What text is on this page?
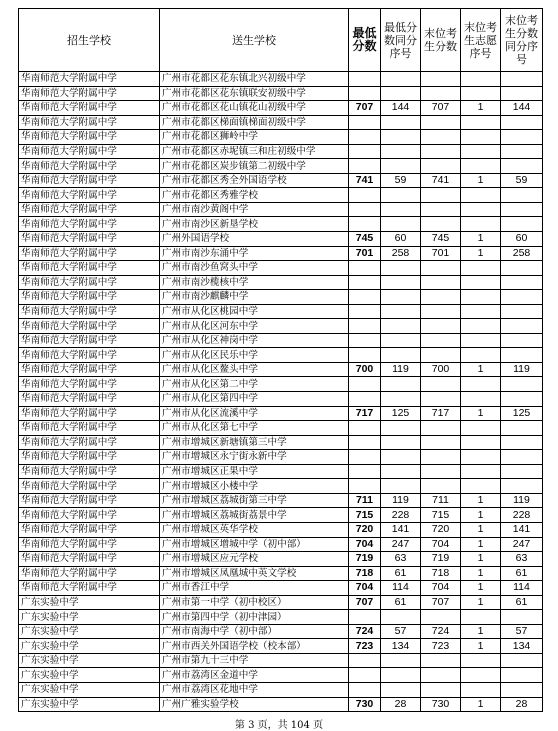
招生学校	送生学校	最低分数	最低分数同分序号	末位考生分数	末位考生志愿序号	末位考生分数同分序号
华南师范大学附属中学	广州市花都区花东镇北兴初级中学					
华南师范大学附属中学	广州市花都区花东镇联安初级中学					
华南师范大学附属中学	广州市花都区花山镇花山初级中学	707	144	707	1	144
华南师范大学附属中学	广州市花都区梯面镇梯面初级中学					
华南师范大学附属中学	广州市花都区狮岭中学					
华南师范大学附属中学	广州市花都区赤坭镇三和庄初级中学					
华南师范大学附属中学	广州市花都区炭步镇第二初级中学					
华南师范大学附属中学	广州市花都区秀全外国语学校	741	59	741	1	59
华南师范大学附属中学	广州市花都区秀雅学校					
华南师范大学附属中学	广州市南沙黄阁中学					
华南师范大学附属中学	广州市南沙区新垦学校					
华南师范大学附属中学	广州外国语学校	745	60	745	1	60
华南师范大学附属中学	广州市南沙东涌中学	701	258	701	1	258
华南师范大学附属中学	广州市南沙鱼窝头中学					
华南师范大学附属中学	广州市南沙榄核中学					
华南师范大学附属中学	广州市南沙麒麟中学					
华南师范大学附属中学	广州市从化区桃园中学					
华南师范大学附属中学	广州市从化区河东中学					
华南师范大学附属中学	广州市从化区神岗中学					
华南师范大学附属中学	广州市从化区民乐中学					
华南师范大学附属中学	广州市从化区鳌头中学	700	119	700	1	119
华南师范大学附属中学	广州市从化区第二中学					
华南师范大学附属中学	广州市从化区第四中学					
华南师范大学附属中学	广州市从化区流溪中学	717	125	717	1	125
华南师范大学附属中学	广州市从化区第七中学					
华南师范大学附属中学	广州市增城区新塘镇第三中学					
华南师范大学附属中学	广州市增城区永宁街永新中学					
华南师范大学附属中学	广州市增城区正果中学					
华南师范大学附属中学	广州市增城区小楼中学					
华南师范大学附属中学	广州市增城区荔城街第三中学	711	119	711	1	119
华南师范大学附属中学	广州市增城区荔城街荔景中学	715	228	715	1	228
华南师范大学附属中学	广州市增城区英华学校	720	141	720	1	141
华南师范大学附属中学	广州市增城区增城中学（初中部）	704	247	704	1	247
华南师范大学附属中学	广州市增城区应元学校	719	63	719	1	63
华南师范大学附属中学	广州市增城区凤凰城中英文学校	718	61	718	1	61
华南师范大学附属中学	广州市香江中学	704	114	704	1	114
广东实验中学	广州市第一中学（初中校区）	707	61	707	1	61
广东实验中学	广州市第四中学（初中津园）					
广东实验中学	广州市南海中学（初中部）	724	57	724	1	57
广东实验中学	广州市西关外国语学校（校本部）	723	134	723	1	134
广东实验中学	广州市第九十三中学					
广东实验中学	广州市荔湾区金道中学					
广东实验中学	广州市荔湾区花地中学					
广东实验中学	广州广雅实验学校	730	28	730	1	28
第 3 页，共 104 页
